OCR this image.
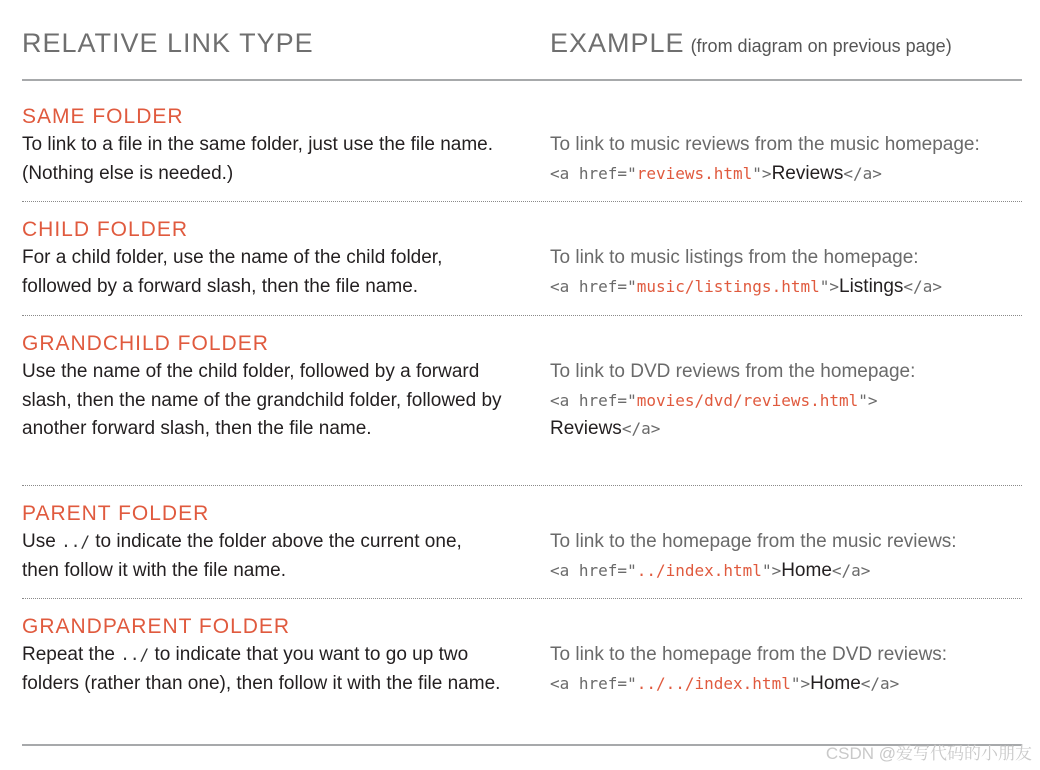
RELATIVE LINK TYPE	EXAMPLE (from diagram on previous page)
SAME FOLDER
To link to a file in the same folder, just use the file name. (Nothing else is needed.)
To link to music reviews from the music homepage:
<a href="reviews.html">Reviews</a>
CHILD FOLDER
For a child folder, use the name of the child folder, followed by a forward slash, then the file name.
To link to music listings from the homepage:
<a href="music/listings.html">Listings</a>
GRANDCHILD FOLDER
Use the name of the child folder, followed by a forward slash, then the name of the grandchild folder, followed by another forward slash, then the file name.
To link to DVD reviews from the homepage:
<a href="movies/dvd/reviews.html">
Reviews</a>
PARENT FOLDER
Use ../ to indicate the folder above the current one, then follow it with the file name.
To link to the homepage from the music reviews:
<a href="../index.html">Home</a>
GRANDPARENT FOLDER
Repeat the ../ to indicate that you want to go up two folders (rather than one), then follow it with the file name.
To link to the homepage from the DVD reviews:
<a href="../../index.html">Home</a>
CSDN @爱写代码的小朋友
